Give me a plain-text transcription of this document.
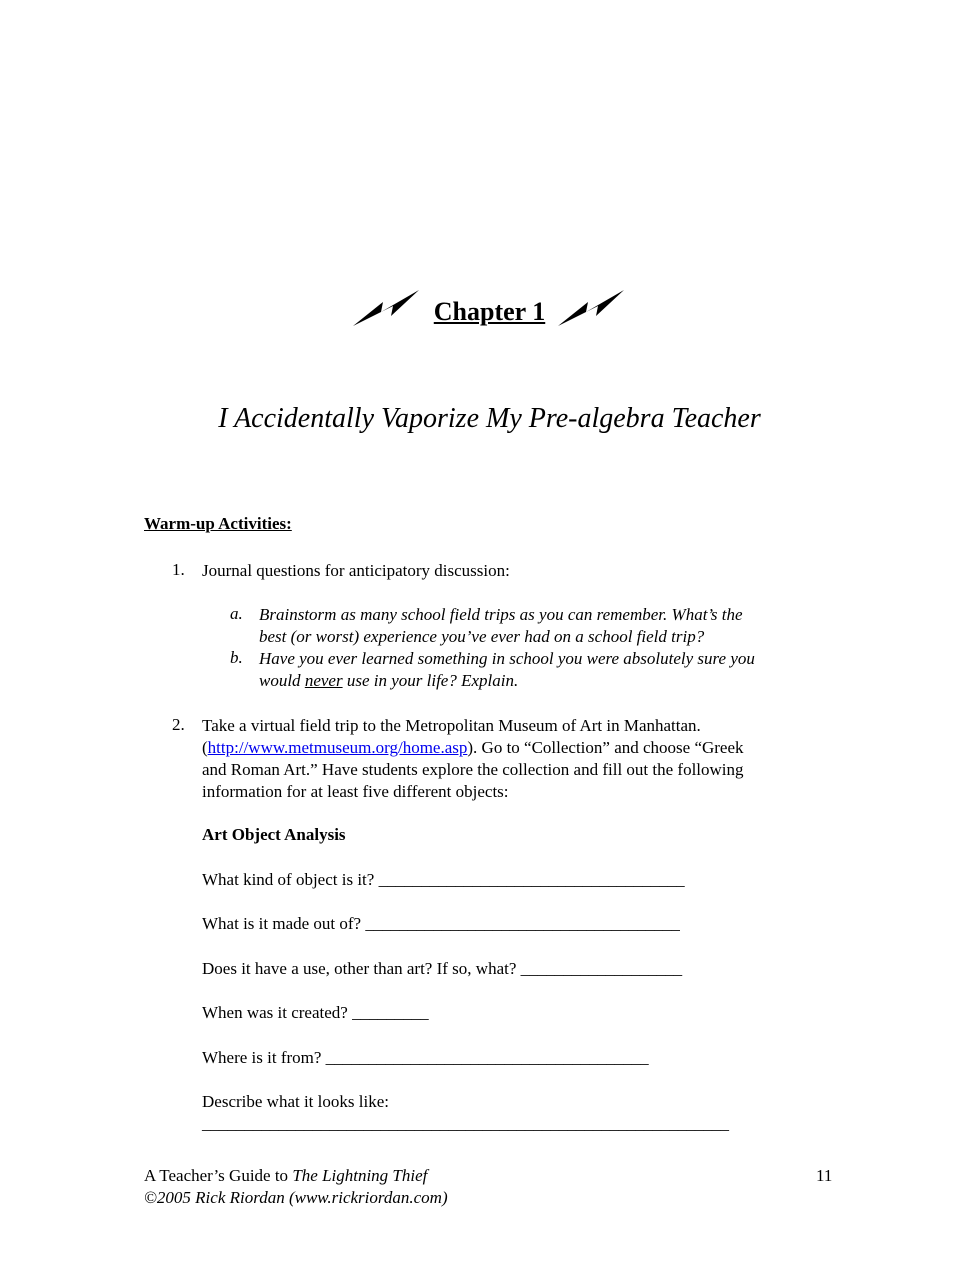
Chapter 1
I Accidentally Vaporize My Pre-algebra Teacher
Warm-up Activities:
1. Journal questions for anticipatory discussion:
a. Brainstorm as many school field trips as you can remember. What’s the
best (or worst) experience you’ve ever had on a school field trip?
b. Have you ever learned something in school you were absolutely sure you
would never use in your life? Explain.
2. Take a virtual field trip to the Metropolitan Museum of Art in Manhattan.
(http://www.metmuseum.org/home.asp). Go to “Collection” and choose “Greek
and Roman Art.” Have students explore the collection and fill out the following
information for at least five different objects:
Art Object Analysis
What kind of object is it? ____________________________________
What is it made out of? _____________________________________
Does it have a use, other than art? If so, what? ___________________
When was it created? _________
Where is it from? ______________________________________
Describe what it looks like:
______________________________________________________________
A Teacher’s Guide to The Lightning Thief
©2005 Rick Riordan (www.rickriordan.com)
11
